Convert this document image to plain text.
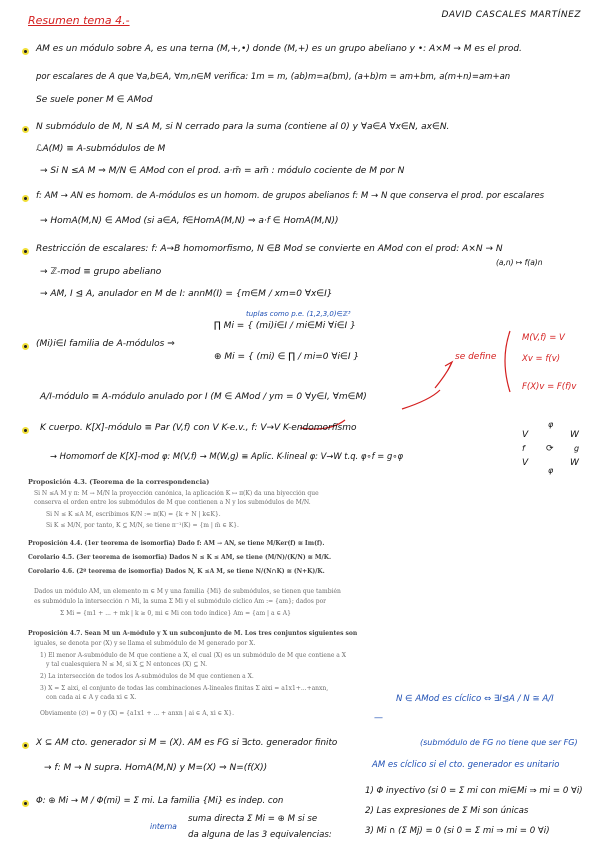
Resumen tema 4.-	DAVID CASCALES MARTÍNEZ
AM es un módulo sobre A, es una terna (M,+,•) donde (M,+) es un grupo abeliano y •: A×M → M es el prod.
por escalares de A que ∀a,b∈A, ∀m,n∈M verifica: 1m = m, (ab)m=a(bm), (a+b)m = am+bm, a(m+n)=am+an
Se suele poner M ∈ AMod
N submódulo de M, N ≤A M, si N cerrado para la suma (contiene al 0) y ∀a∈A ∀x∈N, ax∈N.
ℒA(M) ≡ A-submódulos de M
→ Si N ≤A M ⇒ M/N ∈ AMod con el prod. a·m̄ = am̄ : módulo cociente de M por N
f: AM → AN es homom. de A-módulos es un homom. de grupos abelianos f: M → N que conserva el prod. por escalares
→ HomA(M,N) ∈ AMod (si a∈A, f∈HomA(M,N) ⇒ a·f ∈ HomA(M,N))
Restricción de escalares: f: A→B homomorfismo, N ∈B Mod se convierte en AMod con el prod: A×N → N
(a,n) ↦ f(a)n
→ ℤ-mod ≡ grupo abeliano
→ AM, I ⊴ A, anulador en M de I: annM(I) = {m∈M / xm=0 ∀x∈I}
tuplas como p.e. (1,2,3,0)∈ℤ³
(Mi)i∈I familia de A-módulos ⇒
∏ Mi = { (mi)i∈I / mi∈Mi ∀i∈I }
⊕ Mi = { (mi) ∈ ∏ / mi=0 ∀i∈I }	se define
M(V,f) = V
Xv = f(v)
F(X)v = F(f)v
A/I-módulo ≡ A-módulo anulado por I (M ∈ AMod / ym = 0 ∀y∈I, ∀m∈M)
K cuerpo. K[X]-módulo ≡ Par (V,f) con V K-e.v., f: V→V K-endomorfismo
→ Homomorf de K[X]-mod φ: M(V,f) → M(W,g) ≡ Aplic. K-lineal φ: V→W t.q. φ∘f = g∘φ
φ
V	W
f ⟳	g
V	W
φ
Proposición 4.3. (Teorema de la correspondencia)
Si N ≤A M y π: M → M/N la proyección canónica, la aplicación K ↦ π(K) da una biyección que
conserva el orden entre los submódulos de M que contienen a N y los submódulos de M/N.
Si N ≤ K ≤A M, escribimos K/N := π(K) = {k + N | k∈K}.
Si K ≤ M/N, por tanto, K ⊆ M/N, se tiene π⁻¹(K) = {m | m̄ ∈ K}.
Proposición 4.4. (1er teorema de isomorfía) Dado f: AM → AN, se tiene M/Ker(f) ≅ Im(f).
Corolario 4.5. (3er teorema de isomorfía) Dados N ≤ K ≤ AM, se tiene (M/N)/(K/N) ≅ M/K.
Corolario 4.6. (2º teorema de isomorfía) Dados N, K ≤A M, se tiene N/(N∩K) ≅ (N+K)/K.
Dados un módulo AM, un elemento m ∈ M y una familia {Mi} de submódulos, se tienen que también
es submódulo la intersección ∩ Mi, la suma Σ Mi y el submódulo cíclico Am := {am}; dados por
Σ Mi = {m1 + ... + mk | k ≥ 0, mi ∈ Mi con todo índice} Am = {am | a ∈ A}
Proposición 4.7. Sean M un A-módulo y X un subconjunto de M. Los tres conjuntos siguientes son
iguales, se denota por (X) y se llama el submódulo de M generado por X.
1) El menor A-submódulo de M que contiene a X, el cual (X) es un submódulo de M que contiene a X
y tal cualesquiera N ≤ M, si X ⊆ N entonces (X) ⊆ N.
2) La intersección de todos los A-submódulos de M que contienen a X.
3) X = Σ aixi, el conjunto de todas las combinaciones A-lineales finitas Σ aixi = a1x1+...+anxn,
con cada ai ∈ A y cada xi ∈ X.
Obviamente (∅) = 0 y (X) = {a1x1 + ... + anxn | ai ∈ A, xi ∈ X}.
N ∈ AMod es cíclico ⇔ ∃I⊴A / N ≅ A/I
—
X ⊆ AM cto. generador si M = (X). AM es FG si ∃cto. generador finito	(submódulo de FG no tiene que ser FG)
→ f: M → N supra. HomA(M,N) y M=(X) ⇒ N=(f(X))	AM es cíclico si el cto. generador es unitario
Φ: ⊕ Mi → M / Φ(mi) = Σ mi. La familia {Mi} es indep. con
suma directa Σ Mi = ⊕ M si se
da alguna de las 3 equivalencias:
interna
1) Φ inyectivo (si 0 = Σ mi con mi∈Mi ⇒ mi = 0 ∀i)
2) Las expresiones de Σ Mi son únicas
3) Mi ∩ (Σ Mj) = 0 (si 0 = Σ mi ⇒ mi = 0 ∀i)
